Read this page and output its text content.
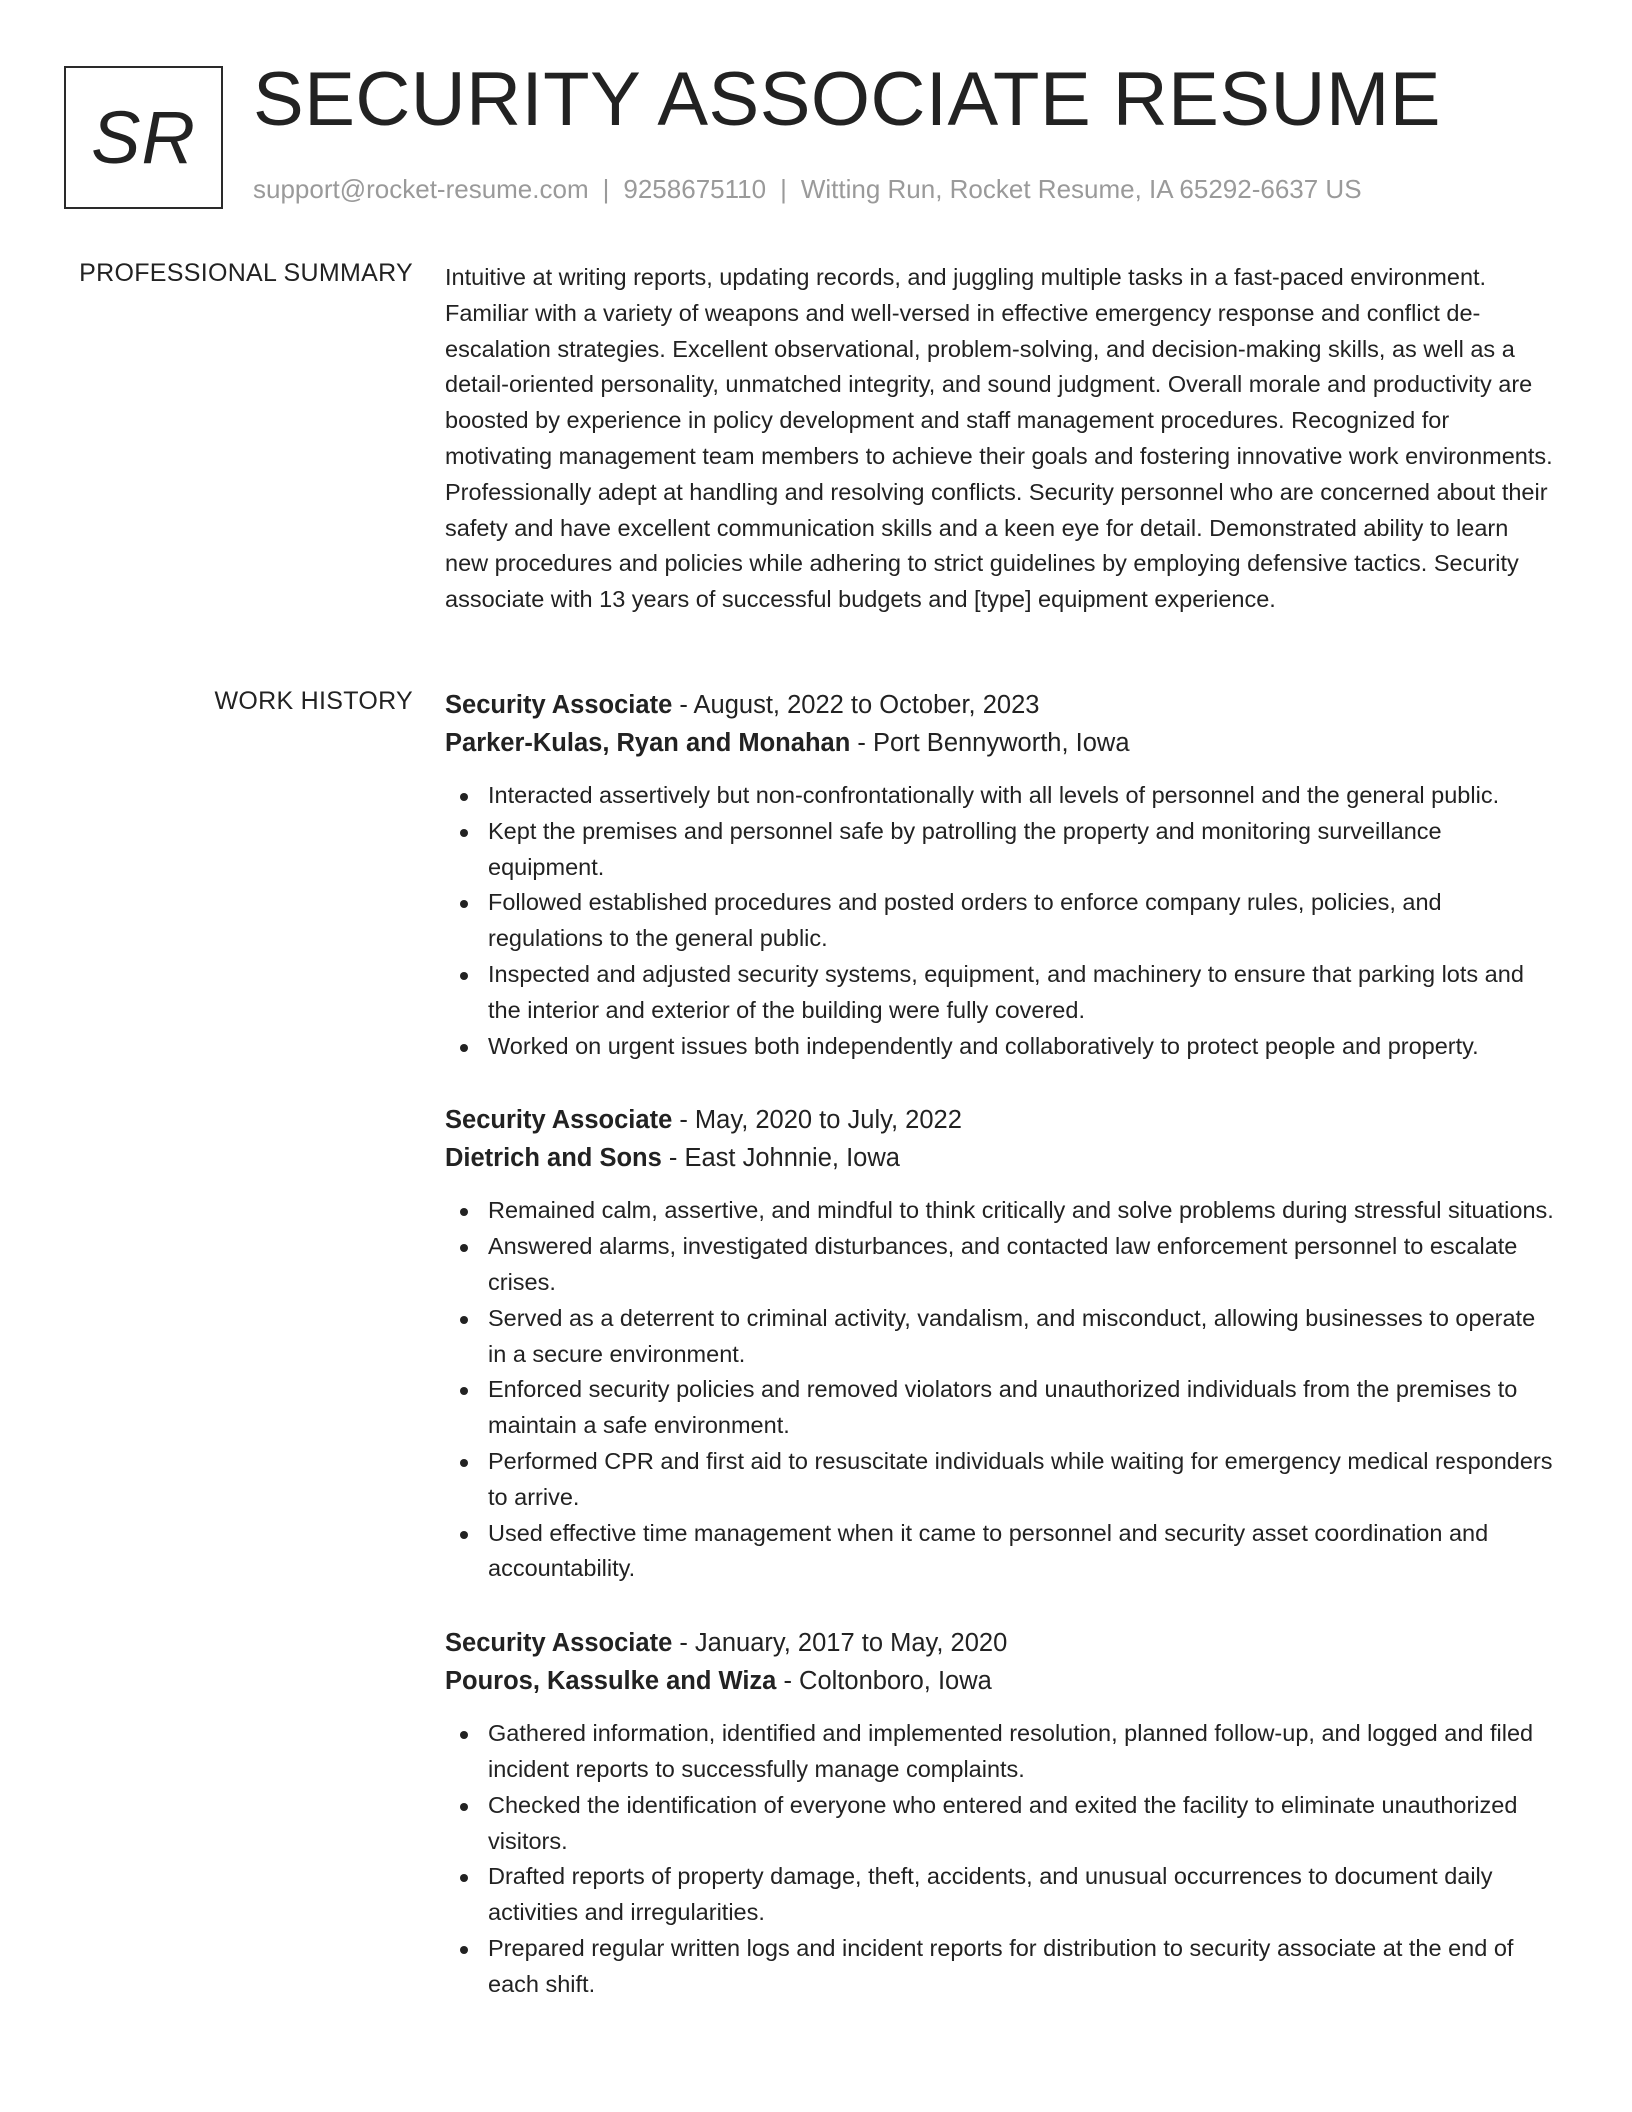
SR SECURITY ASSOCIATE RESUME
support@rocket-resume.com | 9258675110 | Witting Run, Rocket Resume, IA 65292-6637 US
PROFESSIONAL SUMMARY Intuitive at writing reports, updating records, and juggling multiple tasks in a fast-paced environment. Familiar with a variety of weapons and well-versed in effective emergency response and conflict de-escalation strategies. Excellent observational, problem-solving, and decision-making skills, as well as a detail-oriented personality, unmatched integrity, and sound judgment. Overall morale and productivity are boosted by experience in policy development and staff management procedures. Recognized for motivating management team members to achieve their goals and fostering innovative work environments. Professionally adept at handling and resolving conflicts. Security personnel who are concerned about their safety and have excellent communication skills and a keen eye for detail. Demonstrated ability to learn new procedures and policies while adhering to strict guidelines by employing defensive tactics. Security associate with 13 years of successful budgets and [type] equipment experience.

WORK HISTORY Security Associate - August, 2022 to October, 2023
Parker-Kulas, Ryan and Monahan - Port Bennyworth, Iowa
Interacted assertively but non-confrontationally with all levels of personnel and the general public.
Kept the premises and personnel safe by patrolling the property and monitoring surveillance equipment.
Followed established procedures and posted orders to enforce company rules, policies, and regulations to the general public.
Inspected and adjusted security systems, equipment, and machinery to ensure that parking lots and the interior and exterior of the building were fully covered.
Worked on urgent issues both independently and collaboratively to protect people and property.
Security Associate - May, 2020 to July, 2022
Dietrich and Sons - East Johnnie, Iowa
Remained calm, assertive, and mindful to think critically and solve problems during stressful situations.
Answered alarms, investigated disturbances, and contacted law enforcement personnel to escalate crises.
Served as a deterrent to criminal activity, vandalism, and misconduct, allowing businesses to operate in a secure environment.
Enforced security policies and removed violators and unauthorized individuals from the premises to maintain a safe environment.
Performed CPR and first aid to resuscitate individuals while waiting for emergency medical responders to arrive.
Used effective time management when it came to personnel and security asset coordination and accountability.
Security Associate - January, 2017 to May, 2020
Pouros, Kassulke and Wiza - Coltonboro, Iowa
Gathered information, identified and implemented resolution, planned follow-up, and logged and filed incident reports to successfully manage complaints.
Checked the identification of everyone who entered and exited the facility to eliminate unauthorized visitors.
Drafted reports of property damage, theft, accidents, and unusual occurrences to document daily activities and irregularities.
Prepared regular written logs and incident reports for distribution to security associate at the end of each shift.
